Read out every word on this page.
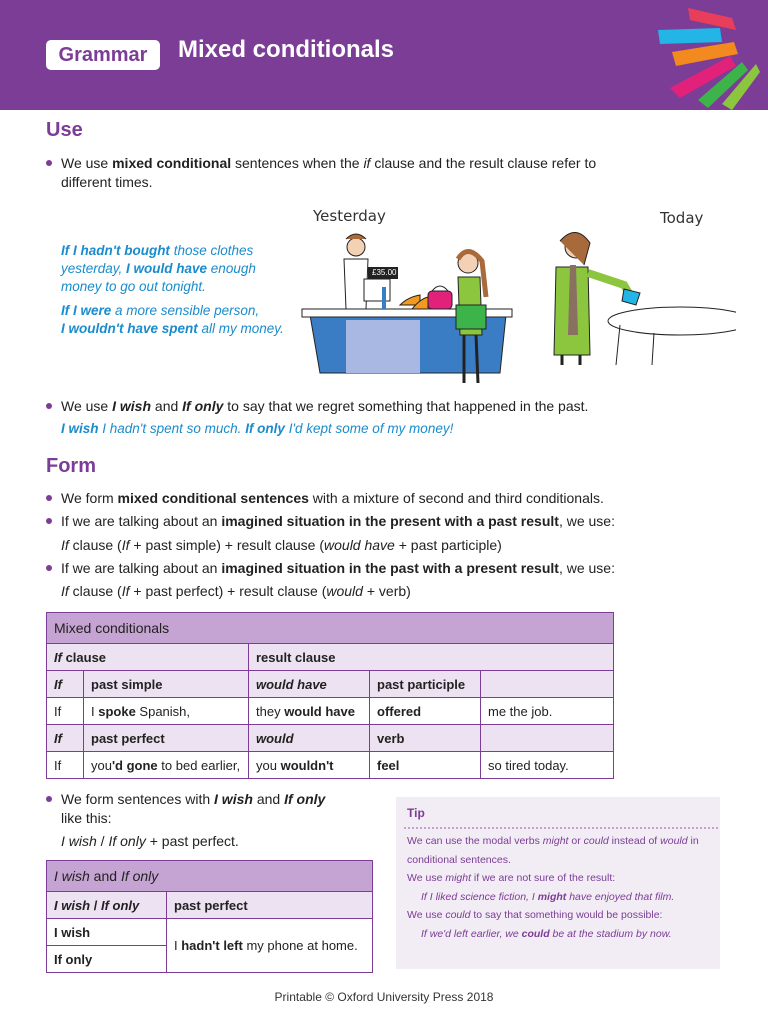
Grammar	Mixed conditionals
Use
We use mixed conditional sentences when the if clause and the result clause refer to
different times.
Yesterday	Today
If I hadn't bought those clothes
yesterday, I would have enough
money to go out tonight.
If I were a more sensible person,
I wouldn't have spent all my money.
£35.00
We use I wish and If only to say that we regret something that happened in the past.
I wish I hadn't spent so much. If only I'd kept some of my money!
Form
We form mixed conditional sentences with a mixture of second and third conditionals.
If we are talking about an imagined situation in the present with a past result, we use:
If clause (If + past simple) + result clause (would have + past participle)
If we are talking about an imagined situation in the past with a present result, we use:
If clause (If + past perfect) + result clause (would + verb)
Mixed conditionals				
If clause		result clause		
If	past simple	would have	past participle	
If	I spoke Spanish,	they would have	offered	me the job.
If	past perfect	would	verb	
If	you'd gone to bed earlier,	you wouldn't	feel	so tired today.
We form sentences with I wish and If only
like this:
I wish / If only + past perfect.
I wish and If only	
I wish / If only	past perfect
I wish	I hadn't left my phone at home.
If only	
Tip
We can use the modal verbs might or could instead of would in
conditional sentences.
We use might if we are not sure of the result:
If I liked science fiction, I might have enjoyed that film.
We use could to say that something would be possible:
If we'd left earlier, we could be at the stadium by now.
Printable © Oxford University Press 2018
